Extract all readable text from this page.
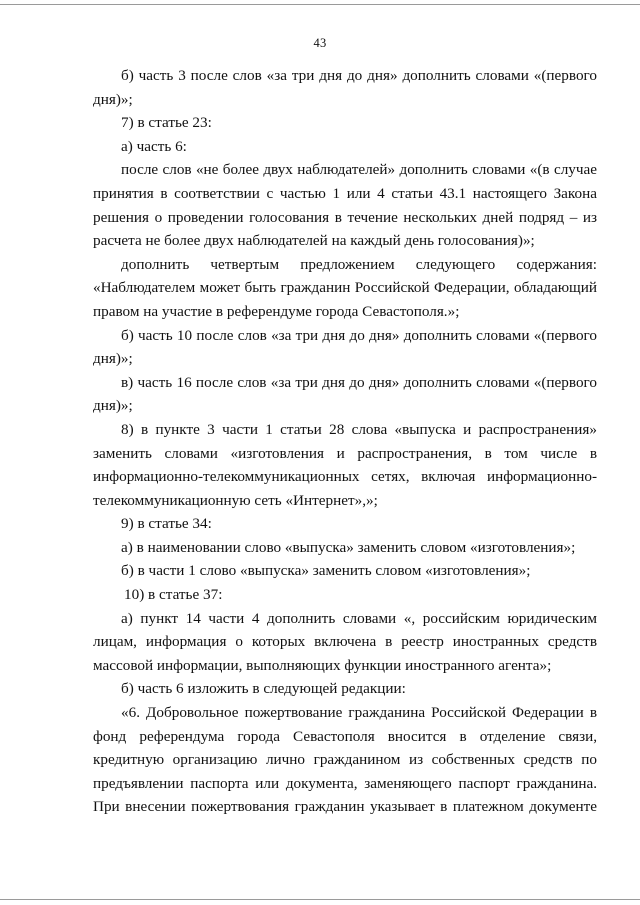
43

б) часть 3 после слов «за три дня до дня» дополнить словами «(первого дня)»;

7) в статье 23:

а) часть 6:

после слов «не более двух наблюдателей» дополнить словами «(в случае принятия в соответствии с частью 1 или 4 статьи 43.1 настоящего Закона решения о проведении голосования в течение нескольких дней подряд – из расчета не более двух наблюдателей на каждый день голосования)»;

дополнить четвертым предложением следующего содержания: «Наблюдателем может быть гражданин Российской Федерации, обладающий правом на участие в референдуме города Севастополя.»;

б) часть 10 после слов «за три дня до дня» дополнить словами «(первого дня)»;

в) часть 16 после слов «за три дня до дня» дополнить словами «(первого дня)»;

8) в пункте 3 части 1 статьи 28 слова «выпуска и распространения» заменить словами «изготовления и распространения, в том числе в информационно-телекоммуникационных сетях, включая информационно-телекоммуникационную сеть «Интернет»,»;

9) в статье 34:

а) в наименовании слово «выпуска» заменить словом «изготовления»;

б) в части 1 слово «выпуска» заменить словом «изготовления»;

10) в статье 37:

а) пункт 14 части 4 дополнить словами «, российским юридическим лицам, информация о которых включена в реестр иностранных средств массовой информации, выполняющих функции иностранного агента»;

б) часть 6 изложить в следующей редакции:

«6. Добровольное пожертвование гражданина Российской Федерации в фонд референдума города Севастополя вносится в отделение связи, кредитную организацию лично гражданином из собственных средств по предъявлении паспорта или документа, заменяющего паспорт гражданина. При внесении пожертвования гражданин указывает в платежном документе
